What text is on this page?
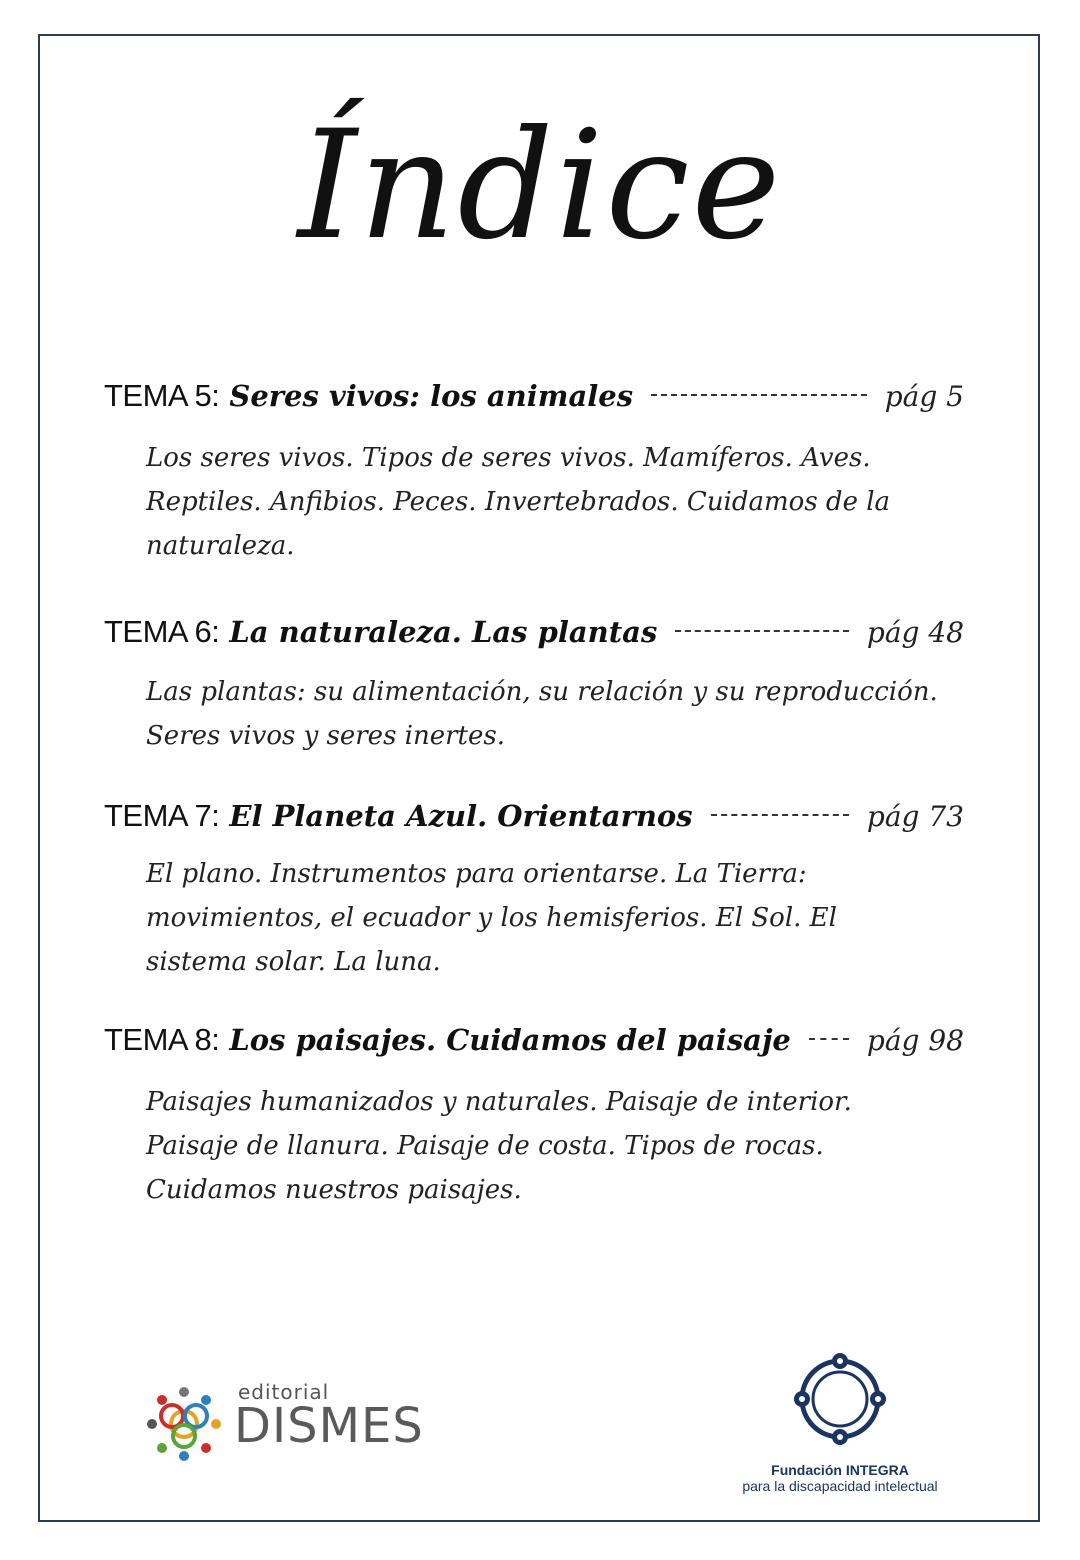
Índice
TEMA 5: Seres vivos: los animales	pág 5
Los seres vivos. Tipos de seres vivos. Mamíferos. Aves. Reptiles. Anfibios. Peces. Invertebrados. Cuidamos de la naturaleza.
TEMA 6: La naturaleza. Las plantas	pág 48
Las plantas: su alimentación, su relación y su reproducción. Seres vivos y seres inertes.
TEMA 7: El Planeta Azul. Orientarnos	pág 73
El plano. Instrumentos para orientarse. La Tierra: movimientos, el ecuador y los hemisferios. El Sol. El sistema solar. La luna.
TEMA 8: Los paisajes. Cuidamos del paisaje	pág 98
Paisajes humanizados y naturales. Paisaje de interior. Paisaje de llanura. Paisaje de costa. Tipos de rocas. Cuidamos nuestros paisajes.
editorial
DISMES
Fundación INTEGRA
para la discapacidad intelectual
